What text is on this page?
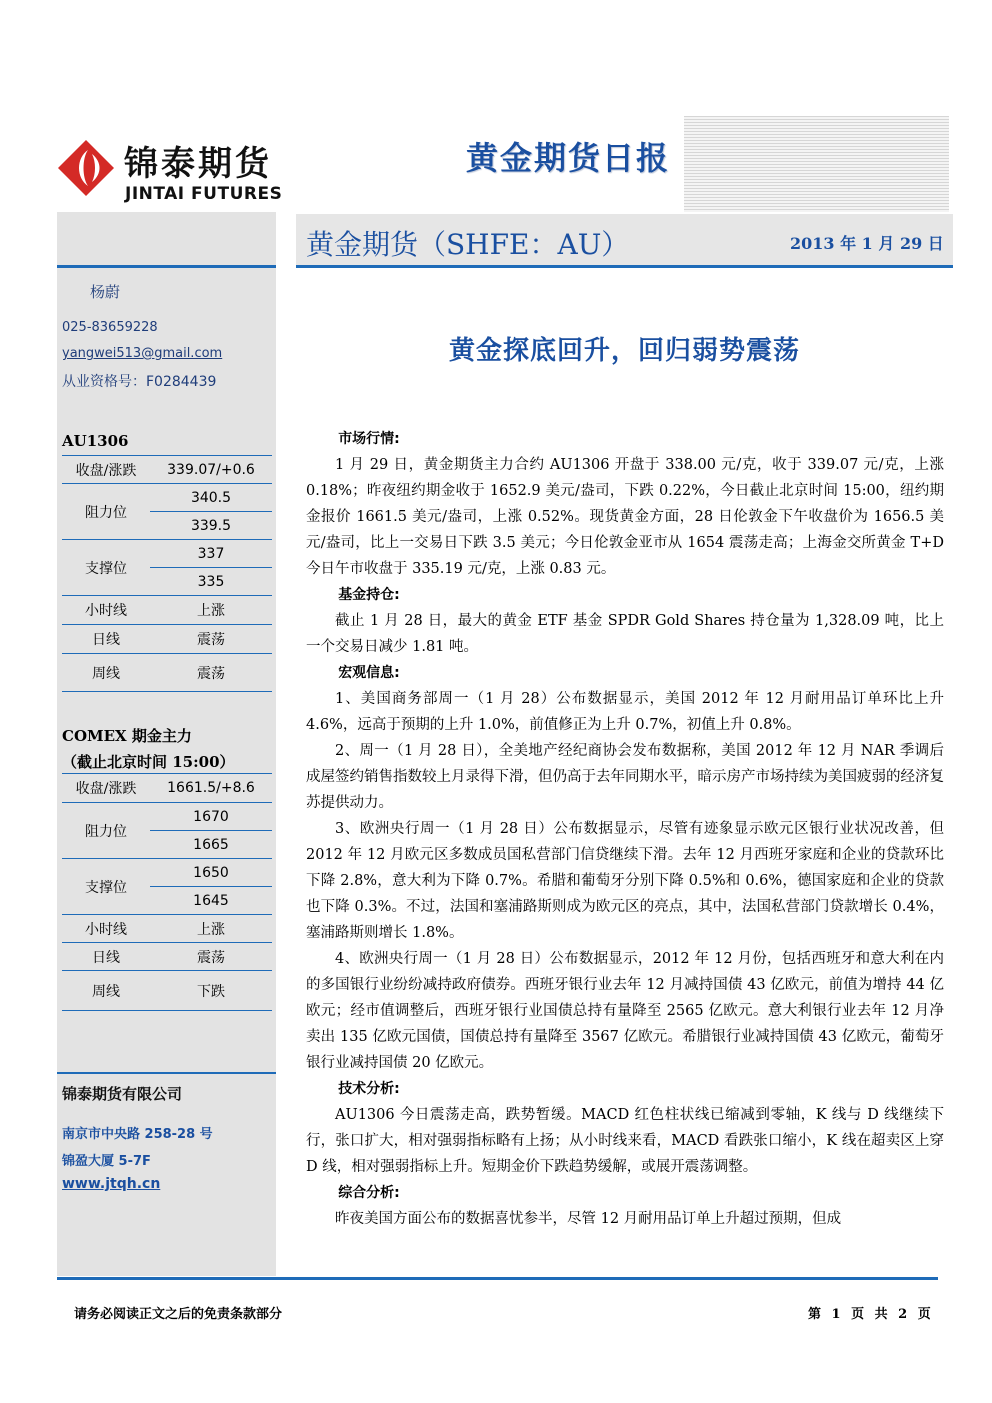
锦泰期货
JINTAI FUTURES
黄金期货日报
黄金期货（SHFE：AU）	2013 年 1 月 29 日
杨蔚
025-83659228
yangwei513@gmail.com
从业资格号：F0284439
AU1306
收盘/涨跌	339.07/+0.6
阻力位	340.5
	339.5
支撑位	337
	335
小时线	上涨
日线	震荡
周线	震荡
COMEX 期金主力
（截止北京时间 15:00）
收盘/涨跌	1661.5/+8.6
阻力位	1670
	1665
支撑位	1650
	1645
小时线	上涨
日线	震荡
周线	下跌
锦泰期货有限公司
南京市中央路 258-28 号
锦盈大厦 5-7F
www.jtqh.cn
黄金探底回升，回归弱势震荡
市场行情:

1 月 29 日，黄金期货主力合约 AU1306 开盘于 338.00 元/克，收于 339.07 元/克，上涨 0.18%；昨夜纽约期金收于 1652.9 美元/盎司，下跌 0.22%，今日截止北京时间 15:00，纽约期金报价 1661.5 美元/盎司，上涨 0.52%。现货黄金方面，28 日伦敦金下午收盘价为 1656.5 美元/盎司，比上一交易日下跌 3.5 美元；今日伦敦金亚市从 1654 震荡走高；上海金交所黄金 T+D 今日午市收盘于 335.19 元/克，上涨 0.83 元。

基金持仓:

截止 1 月 28 日，最大的黄金 ETF 基金 SPDR Gold Shares 持仓量为 1,328.09 吨，比上一个交易日减少 1.81 吨。

宏观信息:

1、美国商务部周一（1 月 28）公布数据显示，美国 2012 年 12 月耐用品订单环比上升 4.6%，远高于预期的上升 1.0%，前值修正为上升 0.7%，初值上升 0.8%。

2、周一（1 月 28 日），全美地产经纪商协会发布数据称，美国 2012 年 12 月 NAR 季调后成屋签约销售指数较上月录得下滑，但仍高于去年同期水平，暗示房产市场持续为美国疲弱的经济复苏提供动力。

3、欧洲央行周一（1 月 28 日）公布数据显示，尽管有迹象显示欧元区银行业状况改善，但 2012 年 12 月欧元区多数成员国私营部门信贷继续下滑。去年 12 月西班牙家庭和企业的贷款环比下降 2.8%，意大利为下降 0.7%。希腊和葡萄牙分别下降 0.5%和 0.6%，德国家庭和企业的贷款也下降 0.3%。不过，法国和塞浦路斯则成为欧元区的亮点，其中，法国私营部门贷款增长 0.4%，塞浦路斯则增长 1.8%。

4、欧洲央行周一（1 月 28 日）公布数据显示，2012 年 12 月份，包括西班牙和意大利在内的多国银行业纷纷减持政府债券。西班牙银行业去年 12 月减持国债 43 亿欧元，前值为增持 44 亿欧元；经市值调整后，西班牙银行业国债总持有量降至 2565 亿欧元。意大利银行业去年 12 月净卖出 135 亿欧元国债，国债总持有量降至 3567 亿欧元。希腊银行业减持国债 43 亿欧元，葡萄牙银行业减持国债 20 亿欧元。

技术分析:

AU1306 今日震荡走高，跌势暂缓。MACD 红色柱状线已缩减到零轴，K 线与 D 线继续下行，张口扩大，相对强弱指标略有上扬；从小时线来看，MACD 看跌张口缩小，K 线在超卖区上穿 D 线，相对强弱指标上升。短期金价下跌趋势缓解，或展开震荡调整。

综合分析:

昨夜美国方面公布的数据喜忧参半，尽管 12 月耐用品订单上升超过预期，但成

请务必阅读正文之后的免责条款部分	第 1 页 共 2 页
